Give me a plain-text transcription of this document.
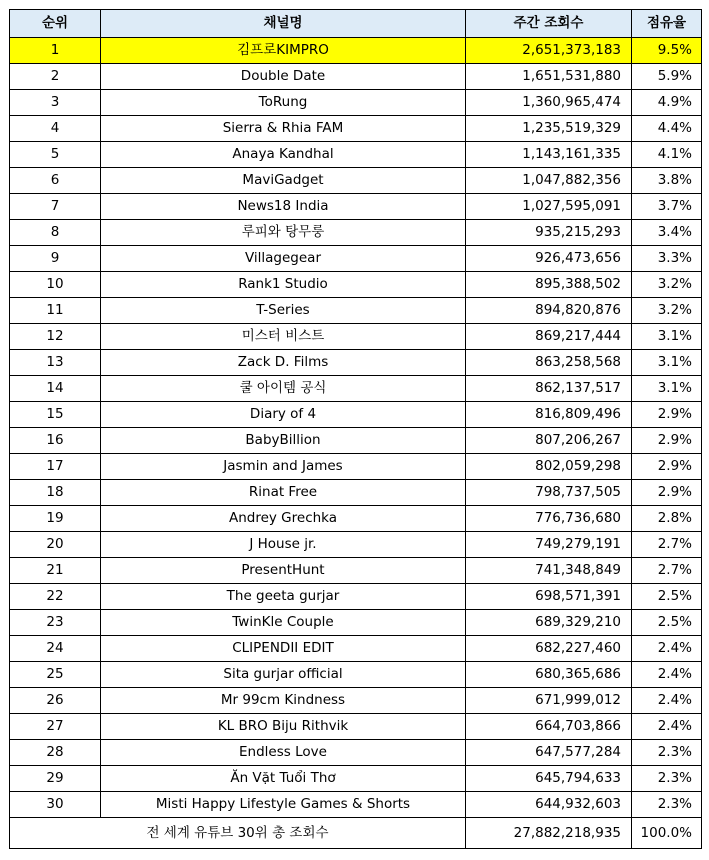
순위	채널명	주간 조회수	점유율
1	김프로KIMPRO	2,651,373,183	9.5%
2	Double Date	1,651,531,880	5.9%
3	ToRung	1,360,965,474	4.9%
4	Sierra & Rhia FAM	1,235,519,329	4.4%
5	Anaya Kandhal	1,143,161,335	4.1%
6	MaviGadget	1,047,882,356	3.8%
7	News18 India	1,027,595,091	3.7%
8	루피와 탕무룽	935,215,293	3.4%
9	Villagegear	926,473,656	3.3%
10	Rank1 Studio	895,388,502	3.2%
11	T-Series	894,820,876	3.2%
12	미스터 비스트	869,217,444	3.1%
13	Zack D. Films	863,258,568	3.1%
14	쿨 아이템 공식	862,137,517	3.1%
15	Diary of 4	816,809,496	2.9%
16	BabyBillion	807,206,267	2.9%
17	Jasmin and James	802,059,298	2.9%
18	Rinat Free	798,737,505	2.9%
19	Andrey Grechka	776,736,680	2.8%
20	J House jr.	749,279,191	2.7%
21	PresentHunt	741,348,849	2.7%
22	The geeta gurjar	698,571,391	2.5%
23	TwinKle Couple	689,329,210	2.5%
24	CLIPENDII EDIT	682,227,460	2.4%
25	Sita gurjar official	680,365,686	2.4%
26	Mr 99cm Kindness	671,999,012	2.4%
27	KL BRO Biju Rithvik	664,703,866	2.4%
28	Endless Love	647,577,284	2.3%
29	Ăn Vặt Tuổi Thơ	645,794,633	2.3%
30	Misti Happy Lifestyle Games & Shorts	644,932,603	2.3%
전 세계 유튜브 30위 총 조회수		27,882,218,935	100.0%
